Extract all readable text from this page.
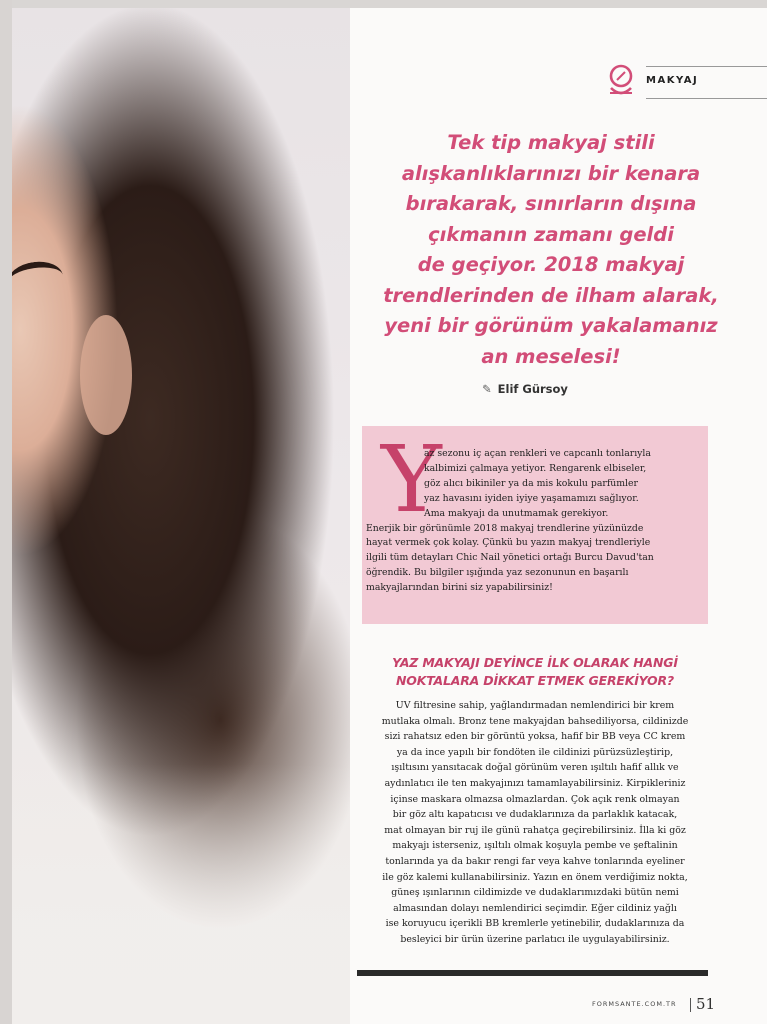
MAKYAJ
Tek tip makyaj stili
alışkanlıklarınızı bir kenara
bırakarak, sınırların dışına
çıkmanın zamanı geldi
de geçiyor. 2018 makyaj
trendlerinden de ilham alarak,
yeni bir görünüm yakalamanız
an meselesi!
✎ Elif Gürsoy
Y
az sezonu iç açan renkleri ve capcanlı tonlarıyla
kalbimizi çalmaya yetiyor. Rengarenk elbiseler,
göz alıcı bikiniler ya da mis kokulu parfümler
yaz havasını iyiden iyiye yaşamamızı sağlıyor.
Ama makyajı da unutmamak gerekiyor.
Enerjik bir görünümle 2018 makyaj trendlerine yüzünüzde
hayat vermek çok kolay. Çünkü bu yazın makyaj trendleriyle
ilgili tüm detayları Chic Nail yönetici ortağı Burcu Davud'tan
öğrendik. Bu bilgiler ışığında yaz sezonunun en başarılı
makyajlarından birini siz yapabilirsiniz!
YAZ MAKYAJI DEYİNCE İLK OLARAK HANGİ
NOKTALARA DİKKAT ETMEK GEREKİYOR?
UV filtresine sahip, yağlandırmadan nemlendirici bir krem
mutlaka olmalı. Bronz tene makyajdan bahsediliyorsa, cildinizde
sizi rahatsız eden bir görüntü yoksa, hafif bir BB veya CC krem
ya da ince yapılı bir fondöten ile cildinizi pürüzsüzleştirip,
ışıltısını yansıtacak doğal görünüm veren ışıltılı hafif allık ve
aydınlatıcı ile ten makyajınızı tamamlayabilirsiniz. Kirpikleriniz
içinse maskara olmazsa olmazlardan. Çok açık renk olmayan
bir göz altı kapatıcısı ve dudaklarınıza da parlaklık katacak,
mat olmayan bir ruj ile günü rahatça geçirebilirsiniz. İlla ki göz
makyajı isterseniz, ışıltılı olmak koşuyla pembe ve şeftalinin
tonlarında ya da bakır rengi far veya kahve tonlarında eyeliner
ile göz kalemi kullanabilirsiniz. Yazın en önem verdiğimiz nokta,
güneş ışınlarının cildimizde ve dudaklarımızdaki bütün nemi
almasından dolayı nemlendirici seçimdir. Eğer cildiniz yağlı
ise koruyucu içerikli BB kremlerle yetinebilir, dudaklarınıza da
besleyici bir ürün üzerine parlatıcı ile uygulayabilirsiniz.
FORMSANTE.COM.TR 51
